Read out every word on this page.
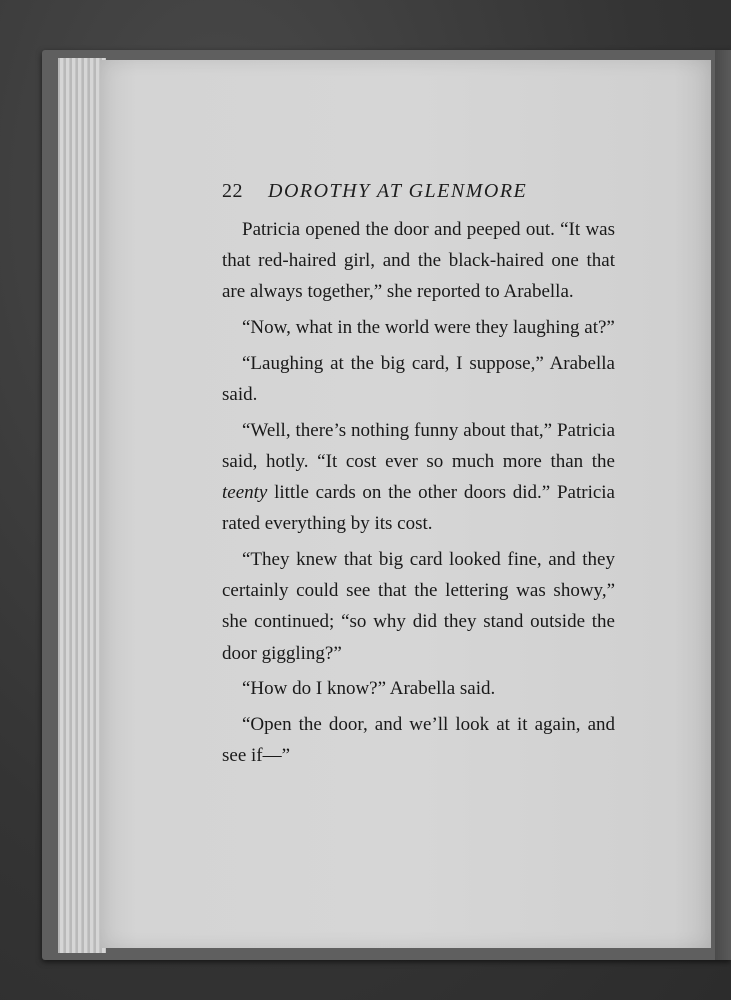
22 DOROTHY AT GLENMORE

Patricia opened the door and peeped out. “It was that red-haired girl, and the black-haired one that are always together,” she reported to Arabella.

“Now, what in the world were they laughing at?”

“Laughing at the big card, I suppose,” Arabella said.

“Well, there’s nothing funny about that,” Patricia said, hotly. “It cost ever so much more than the teenty little cards on the other doors did.” Patricia rated everything by its cost.

“They knew that big card looked fine, and they certainly could see that the lettering was showy,” she continued; “so why did they stand outside the door giggling?”

“How do I know?” Arabella said.

“Open the door, and we’ll look at it again, and see if—”
